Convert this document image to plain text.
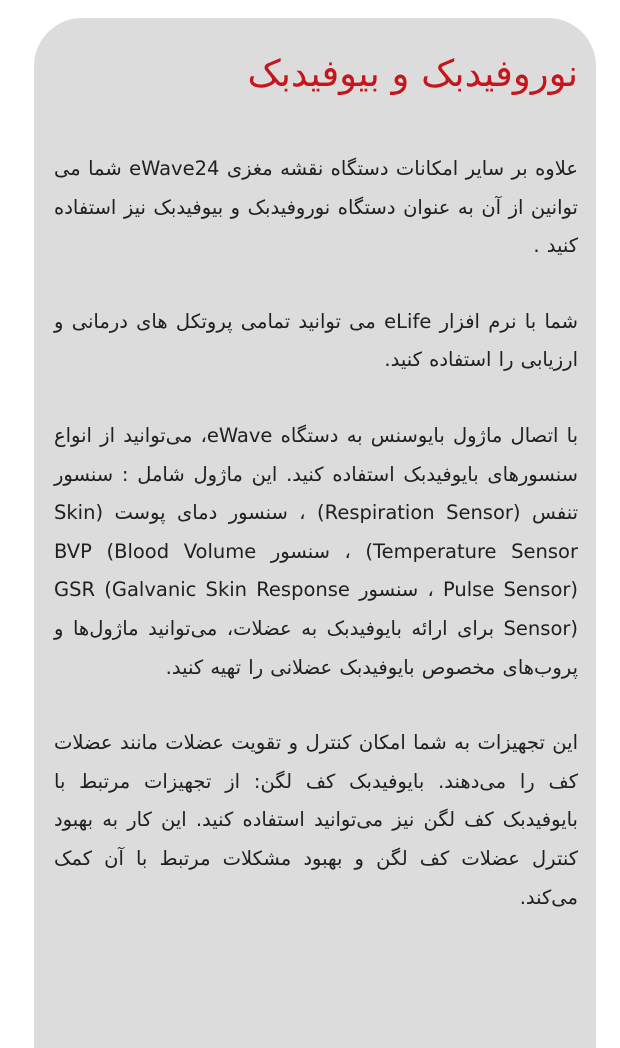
نوروفیدبک و بیوفیدبک

علاوه بر سایر امکانات دستگاه نقشه مغزی eWave24 شما می توانین از آن به عنوان دستگاه نوروفیدبک و بیوفیدبک نیز استفاده کنید .

شما با نرم افزار eLife می توانید تمامی پروتکل های درمانی و ارزیابی را استفاده کنید.

با اتصال ماژول بایوسنس به دستگاه eWave، می‌توانید از انواع سنسورهای بایوفیدبک استفاده کنید. این ماژول شامل : سنسور تنفس (Respiration Sensor) ، سنسور دمای پوست (Skin Temperature Sensor) ، سنسور BVP (Blood Volume Pulse Sensor) ، سنسور GSR (Galvanic Skin Response Sensor) برای ارائه بایوفیدبک به عضلات، می‌توانید ماژول‌ها و پروب‌های مخصوص بایوفیدبک عضلانی را تهیه کنید.

این تجهیزات به شما امکان کنترل و تقویت عضلات مانند عضلات کف را می‌دهند. بایوفیدبک کف لگن: از تجهیزات مرتبط با بایوفیدبک کف لگن نیز می‌توانید استفاده کنید. این کار به بهبود کنترل عضلات کف لگن و بهبود مشکلات مرتبط با آن کمک می‌کند.
